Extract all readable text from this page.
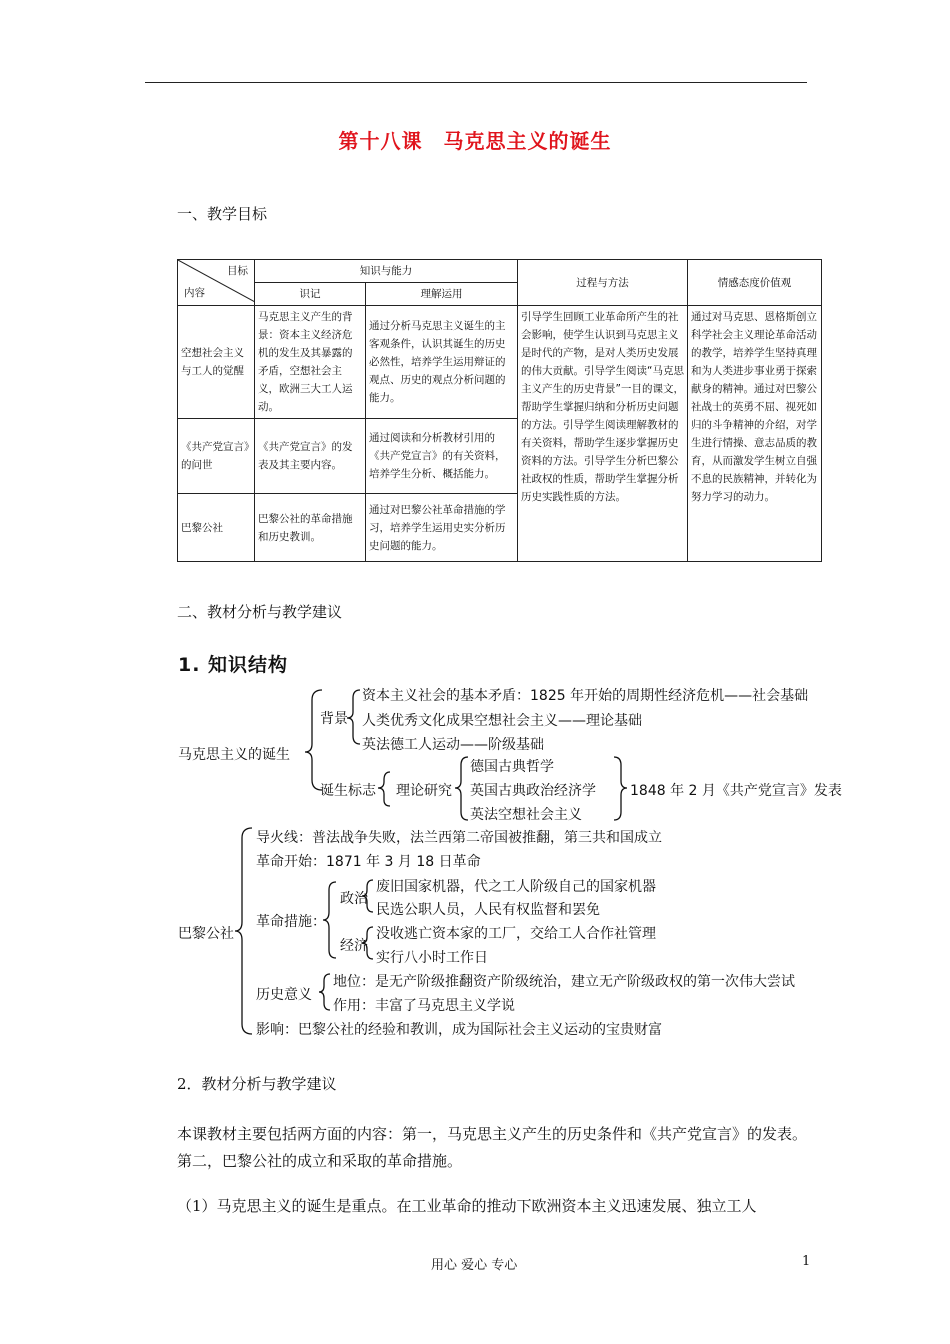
第十八课　马克思主义的诞生
一、教学目标
目标
内容	知识与能力		过程与方法	情感态度价值观
	识记	理解运用		
空想社会主义与工人的觉醒	马克思主义产生的背景：资本主义经济危机的发生及其暴露的矛盾，空想社会主义，欧洲三大工人运动。	通过分析马克思主义诞生的主客观条件，认识其诞生的历史必然性，培养学生运用辩证的观点、历史的观点分析问题的能力。	引导学生回顾工业革命所产生的社会影响，使学生认识到马克思主义是时代的产物，是对人类历史发展的伟大贡献。引导学生阅读“马克思主义产生的历史背景”一目的课文，帮助学生掌握归纳和分析历史问题的方法。引导学生阅读理解教材的有关资料，帮助学生逐步掌握历史资料的方法。引导学生分析巴黎公社政权的性质，帮助学生掌握分析历史实践性质的方法。	通过对马克思、恩格斯创立科学社会主义理论革命活动的教学，培养学生坚持真理和为人类进步事业勇于探索献身的精神。通过对巴黎公社战士的英勇不屈、视死如归的斗争精神的介绍，对学生进行情操、意志品质的教育，从而激发学生树立自强不息的民族精神，并转化为努力学习的动力。
《共产党宣言》的问世	《共产党宣言》的发表及其主要内容。	通过阅读和分析教材引用的《共产党宣言》的有关资料，培养学生分析、概括能力。		
巴黎公社	巴黎公社的革命措施和历史教训。	通过对巴黎公社革命措施的学习，培养学生运用史实分析历史问题的能力。		
二、教材分析与教学建议
1. 知识结构
马克思主义的诞生
背景
资本主义社会的基本矛盾：1825 年开始的周期性经济危机——社会基础
人类优秀文化成果空想社会主义——理论基础
英法德工人运动——阶级基础
诞生标志 理论研究
德国古典哲学
英国古典政治经济学
英法空想社会主义
1848 年 2 月《共产党宣言》发表
巴黎公社
导火线：普法战争失败，法兰西第二帝国被推翻，第三共和国成立
革命开始：1871 年 3 月 18 日革命
革命措施：
政治
废旧国家机器，代之工人阶级自己的国家机器
民选公职人员，人民有权监督和罢免
经济
没收逃亡资本家的工厂，交给工人合作社管理
实行八小时工作日
历史意义
地位：是无产阶级推翻资产阶级统治，建立无产阶级政权的第一次伟大尝试
作用：丰富了马克思主义学说
影响：巴黎公社的经验和教训，成为国际社会主义运动的宝贵财富
2．教材分析与教学建议
本课教材主要包括两方面的内容：第一，马克思主义产生的历史条件和《共产党宣言》的发表。第二，巴黎公社的成立和采取的革命措施。
（1）马克思主义的诞生是重点。在工业革命的推动下欧洲资本主义迅速发展、独立工人
用心 爱心 专心	1
